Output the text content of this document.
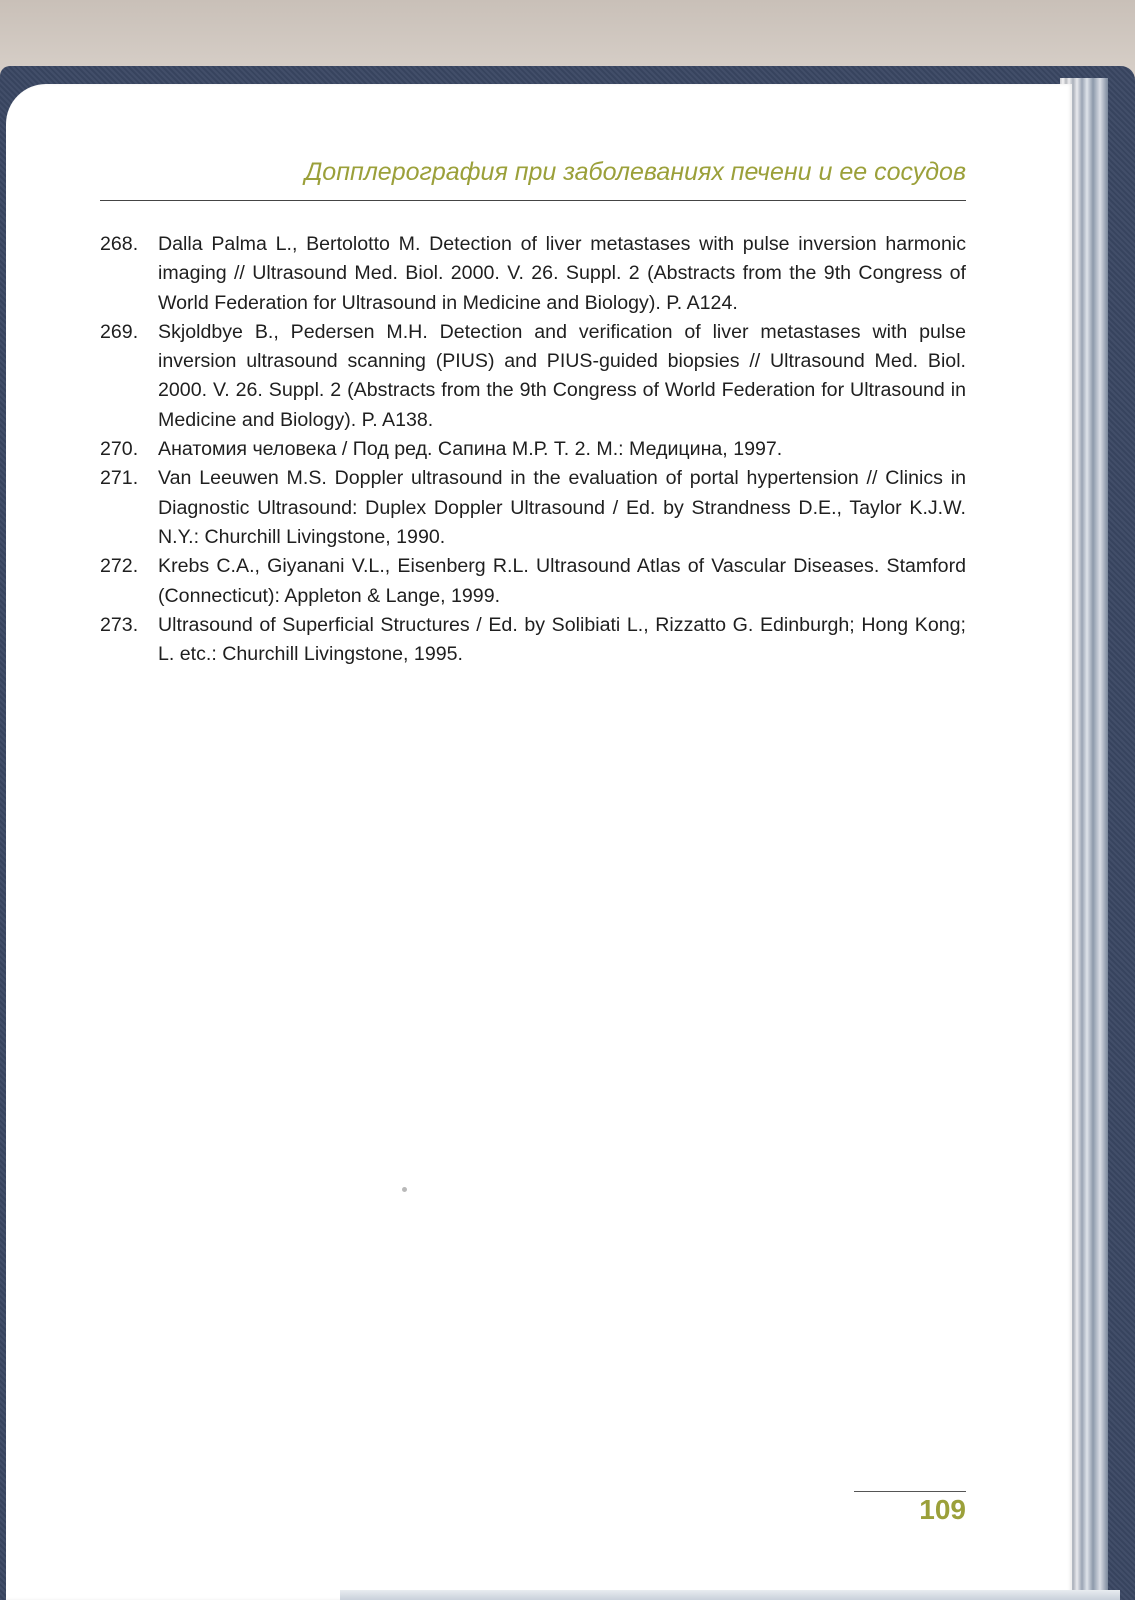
Допплерография при заболеваниях печени и ее сосудов
268.	Dalla Palma L., Bertolotto M. Detection of liver metastases with pulse inversion harmonic imaging // Ultrasound Med. Biol. 2000. V. 26. Suppl. 2 (Abstracts from the 9th Congress of World Federation for Ultrasound in Medicine and Biology). P. A124.
269.	Skjoldbye B., Pedersen M.H. Detection and verification of liver metastases with pulse inversion ultrasound scanning (PIUS) and PIUS-guided biopsies // Ultrasound Med. Biol. 2000. V. 26. Suppl. 2 (Abstracts from the 9th Congress of World Federation for Ultrasound in Medicine and Biology). P. A138.
270.	Анатомия человека / Под ред. Сапина М.Р. Т. 2. М.: Медицина, 1997.
271.	Van Leeuwen M.S. Doppler ultrasound in the evaluation of portal hypertension // Clinics in Diagnostic Ultrasound: Duplex Doppler Ultrasound / Ed. by Strandness D.E., Taylor K.J.W. N.Y.: Churchill Livingstone, 1990.
272.	Krebs C.A., Giyanani V.L., Eisenberg R.L. Ultrasound Atlas of Vascular Diseases. Stamford (Connecticut): Appleton & Lange, 1999.
273.	Ultrasound of Superficial Structures / Ed. by Solibiati L., Rizzatto G. Edinburgh; Hong Kong; L. etc.: Churchill Livingstone, 1995.
109
